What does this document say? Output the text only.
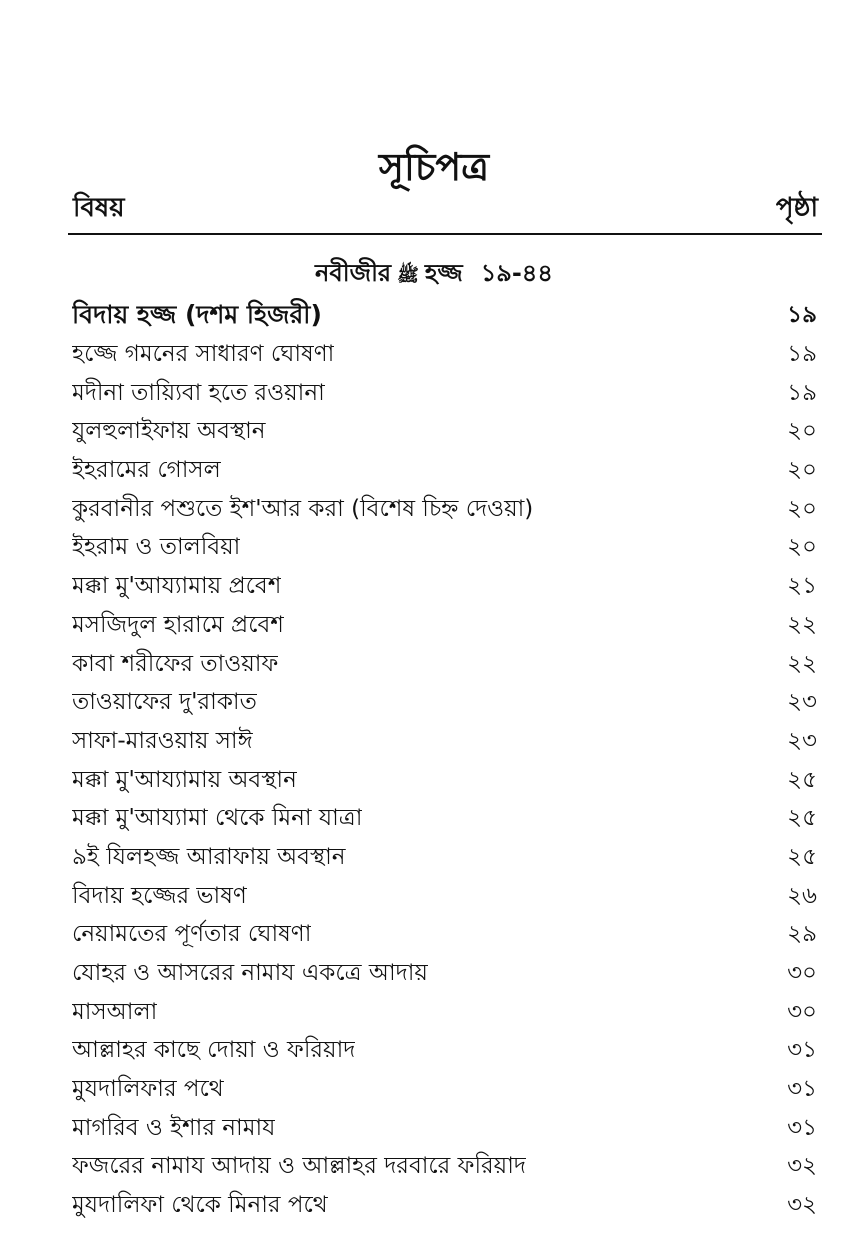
সূচিপত্র
বিষয়	পৃষ্ঠা
নবীজীর ﷺ হজ্জ ১৯-৪৪
বিদায় হজ্জ (দশম হিজরী)	১৯
হজ্জে গমনের সাধারণ ঘোষণা	১৯
মদীনা তায়্যিবা হতে রওয়ানা	১৯
যুলহুলাইফায় অবস্থান	২০
ইহরামের গোসল	২০
কুরবানীর পশুতে ইশ'আর করা (বিশেষ চিহ্ন দেওয়া)	২০
ইহরাম ও তালবিয়া	২০
মক্কা মু'আয্যামায় প্রবেশ	২১
মসজিদুল হারামে প্রবেশ	২২
কাবা শরীফের তাওয়াফ	২২
তাওয়াফের দু'রাকাত	২৩
সাফা-মারওয়ায় সাঈ	২৩
মক্কা মু'আয্যামায় অবস্থান	২৫
মক্কা মু'আয্যামা থেকে মিনা যাত্রা	২৫
৯ই যিলহজ্জ আরাফায় অবস্থান	২৫
বিদায় হজ্জের ভাষণ	২৬
নেয়ামতের পূর্ণতার ঘোষণা	২৯
যোহর ও আসরের নামায একত্রে আদায়	৩০
মাসআলা	৩০
আল্লাহর কাছে দোয়া ও ফরিয়াদ	৩১
মুযদালিফার পথে	৩১
মাগরিব ও ইশার নামায	৩১
ফজরের নামায আদায় ও আল্লাহর দরবারে ফরিয়াদ	৩২
মুযদালিফা থেকে মিনার পথে	৩২
